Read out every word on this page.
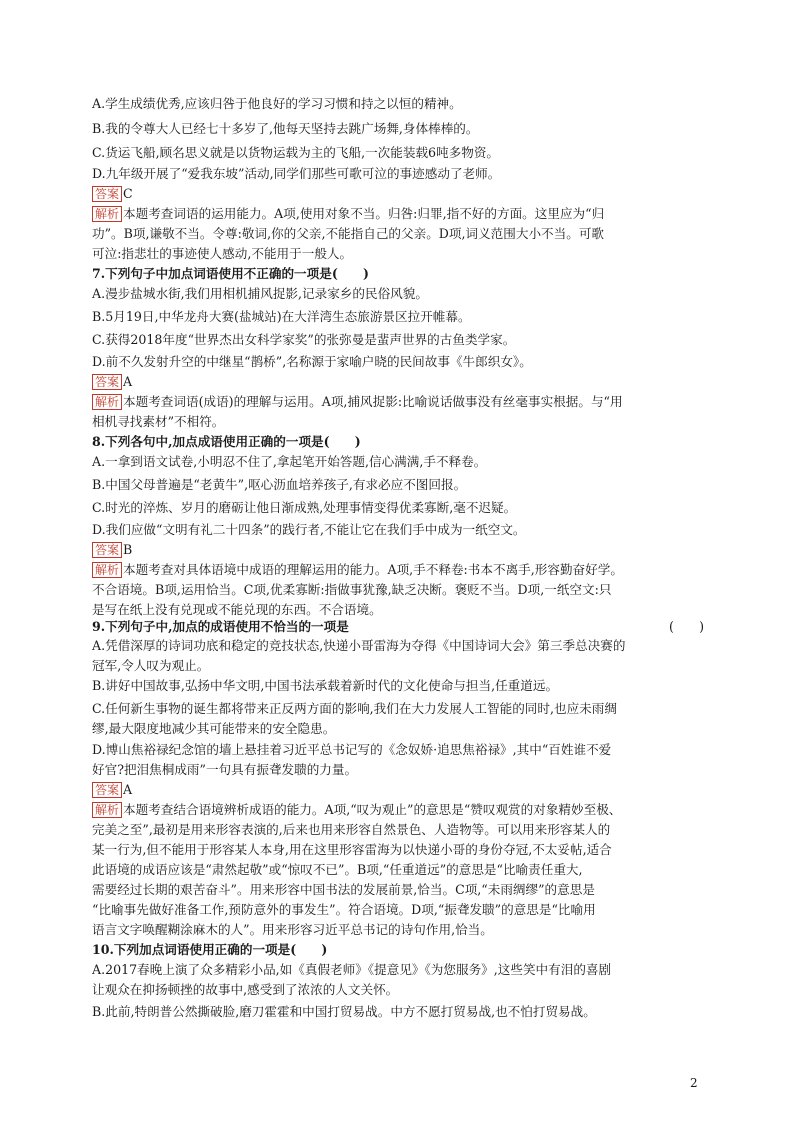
A.学生成绩优秀,应该归咎于他良好的学习习惯和持之以恒的精神。
B.我的令尊大人已经七十多岁了,他每天坚持去跳广场舞,身体棒棒的。
C.货运飞船,顾名思义就是以货物运载为主的飞船,一次能装载6吨多物资。
D.九年级开展了“爱我东坡”活动,同学们那些可歌可泣的事迹感动了老师。
答案 C
解析 本题考查词语的运用能力。A项,使用对象不当。归咎:归罪,指不好的方面。这里应为“归
功”。B项,谦敬不当。令尊:敬词,你的父亲,不能指自己的父亲。D项,词义范围大小不当。可歌
可泣:指悲壮的事迹使人感动,不能用于一般人。
7.下列句子中加点词语使用不正确的一项是(　　)
A.漫步盐城水街,我们用相机捕风捉影,记录家乡的民俗风貌。
B.5月19日,中华龙舟大赛(盐城站)在大洋湾生态旅游景区拉开帷幕。
C.获得2018年度“世界杰出女科学家奖”的张弥曼是蜚声世界的古鱼类学家。
D.前不久发射升空的中继星“鹊桥”,名称源于家喻户晓的民间故事《牛郎织女》。
答案 A
解析 本题考查词语(成语)的理解与运用。A项,捕风捉影:比喻说话做事没有丝毫事实根据。与“用
相机寻找素材”不相符。
8.下列各句中,加点成语使用正确的一项是(　　)
A.一拿到语文试卷,小明忍不住了,拿起笔开始答题,信心满满,手不释卷。
B.中国父母普遍是“老黄牛”,呕心沥血培养孩子,有求必应不图回报。
C.时光的淬炼、岁月的磨砺让他日渐成熟,处理事情变得优柔寡断,毫不迟疑。
D.我们应做“文明有礼二十四条”的践行者,不能让它在我们手中成为一纸空文。
答案 B
解析 本题考查对具体语境中成语的理解运用的能力。A项,手不释卷:书本不离手,形容勤奋好学。
不合语境。B项,运用恰当。C项,优柔寡断:指做事犹豫,缺乏决断。褒贬不当。D项,一纸空文:只
是写在纸上没有兑现或不能兑现的东西。不合语境。
9.下列句子中,加点的成语使用不恰当的一项是	(　　)
A.凭借深厚的诗词功底和稳定的竞技状态,快递小哥雷海为夺得《中国诗词大会》第三季总决赛的
冠军,令人叹为观止。
B.讲好中国故事,弘扬中华文明,中国书法承载着新时代的文化使命与担当,任重道远。
C.任何新生事物的诞生都将带来正反两方面的影响,我们在大力发展人工智能的同时,也应未雨绸
缪,最大限度地减少其可能带来的安全隐患。
D.博山焦裕禄纪念馆的墙上悬挂着习近平总书记写的《念奴娇·追思焦裕禄》,其中“百姓谁不爱
好官?把泪焦桐成雨”一句具有振聋发聩的力量。
答案 A
解析 本题考查结合语境辨析成语的能力。A项,“叹为观止”的意思是“赞叹观赏的对象精妙至极、
完美之至”,最初是用来形容表演的,后来也用来形容自然景色、人造物等。可以用来形容某人的
某一行为,但不能用于形容某人本身,用在这里形容雷海为以快递小哥的身份夺冠,不太妥帖,适合
此语境的成语应该是“肃然起敬”或“惊叹不已”。B项,“任重道远”的意思是“比喻责任重大,
需要经过长期的艰苦奋斗”。用来形容中国书法的发展前景,恰当。C项,“未雨绸缪”的意思是
“比喻事先做好准备工作,预防意外的事发生”。符合语境。D项,“振聋发聩”的意思是“比喻用
语言文字唤醒糊涂麻木的人”。用来形容习近平总书记的诗句作用,恰当。
10.下列加点词语使用正确的一项是(　　)
A.2017春晚上演了众多精彩小品,如《真假老师》《提意见》《为您服务》,这些笑中有泪的喜剧
让观众在抑扬顿挫的故事中,感受到了浓浓的人文关怀。
B.此前,特朗普公然撕破脸,磨刀霍霍和中国打贸易战。中方不愿打贸易战,也不怕打贸易战。
2
